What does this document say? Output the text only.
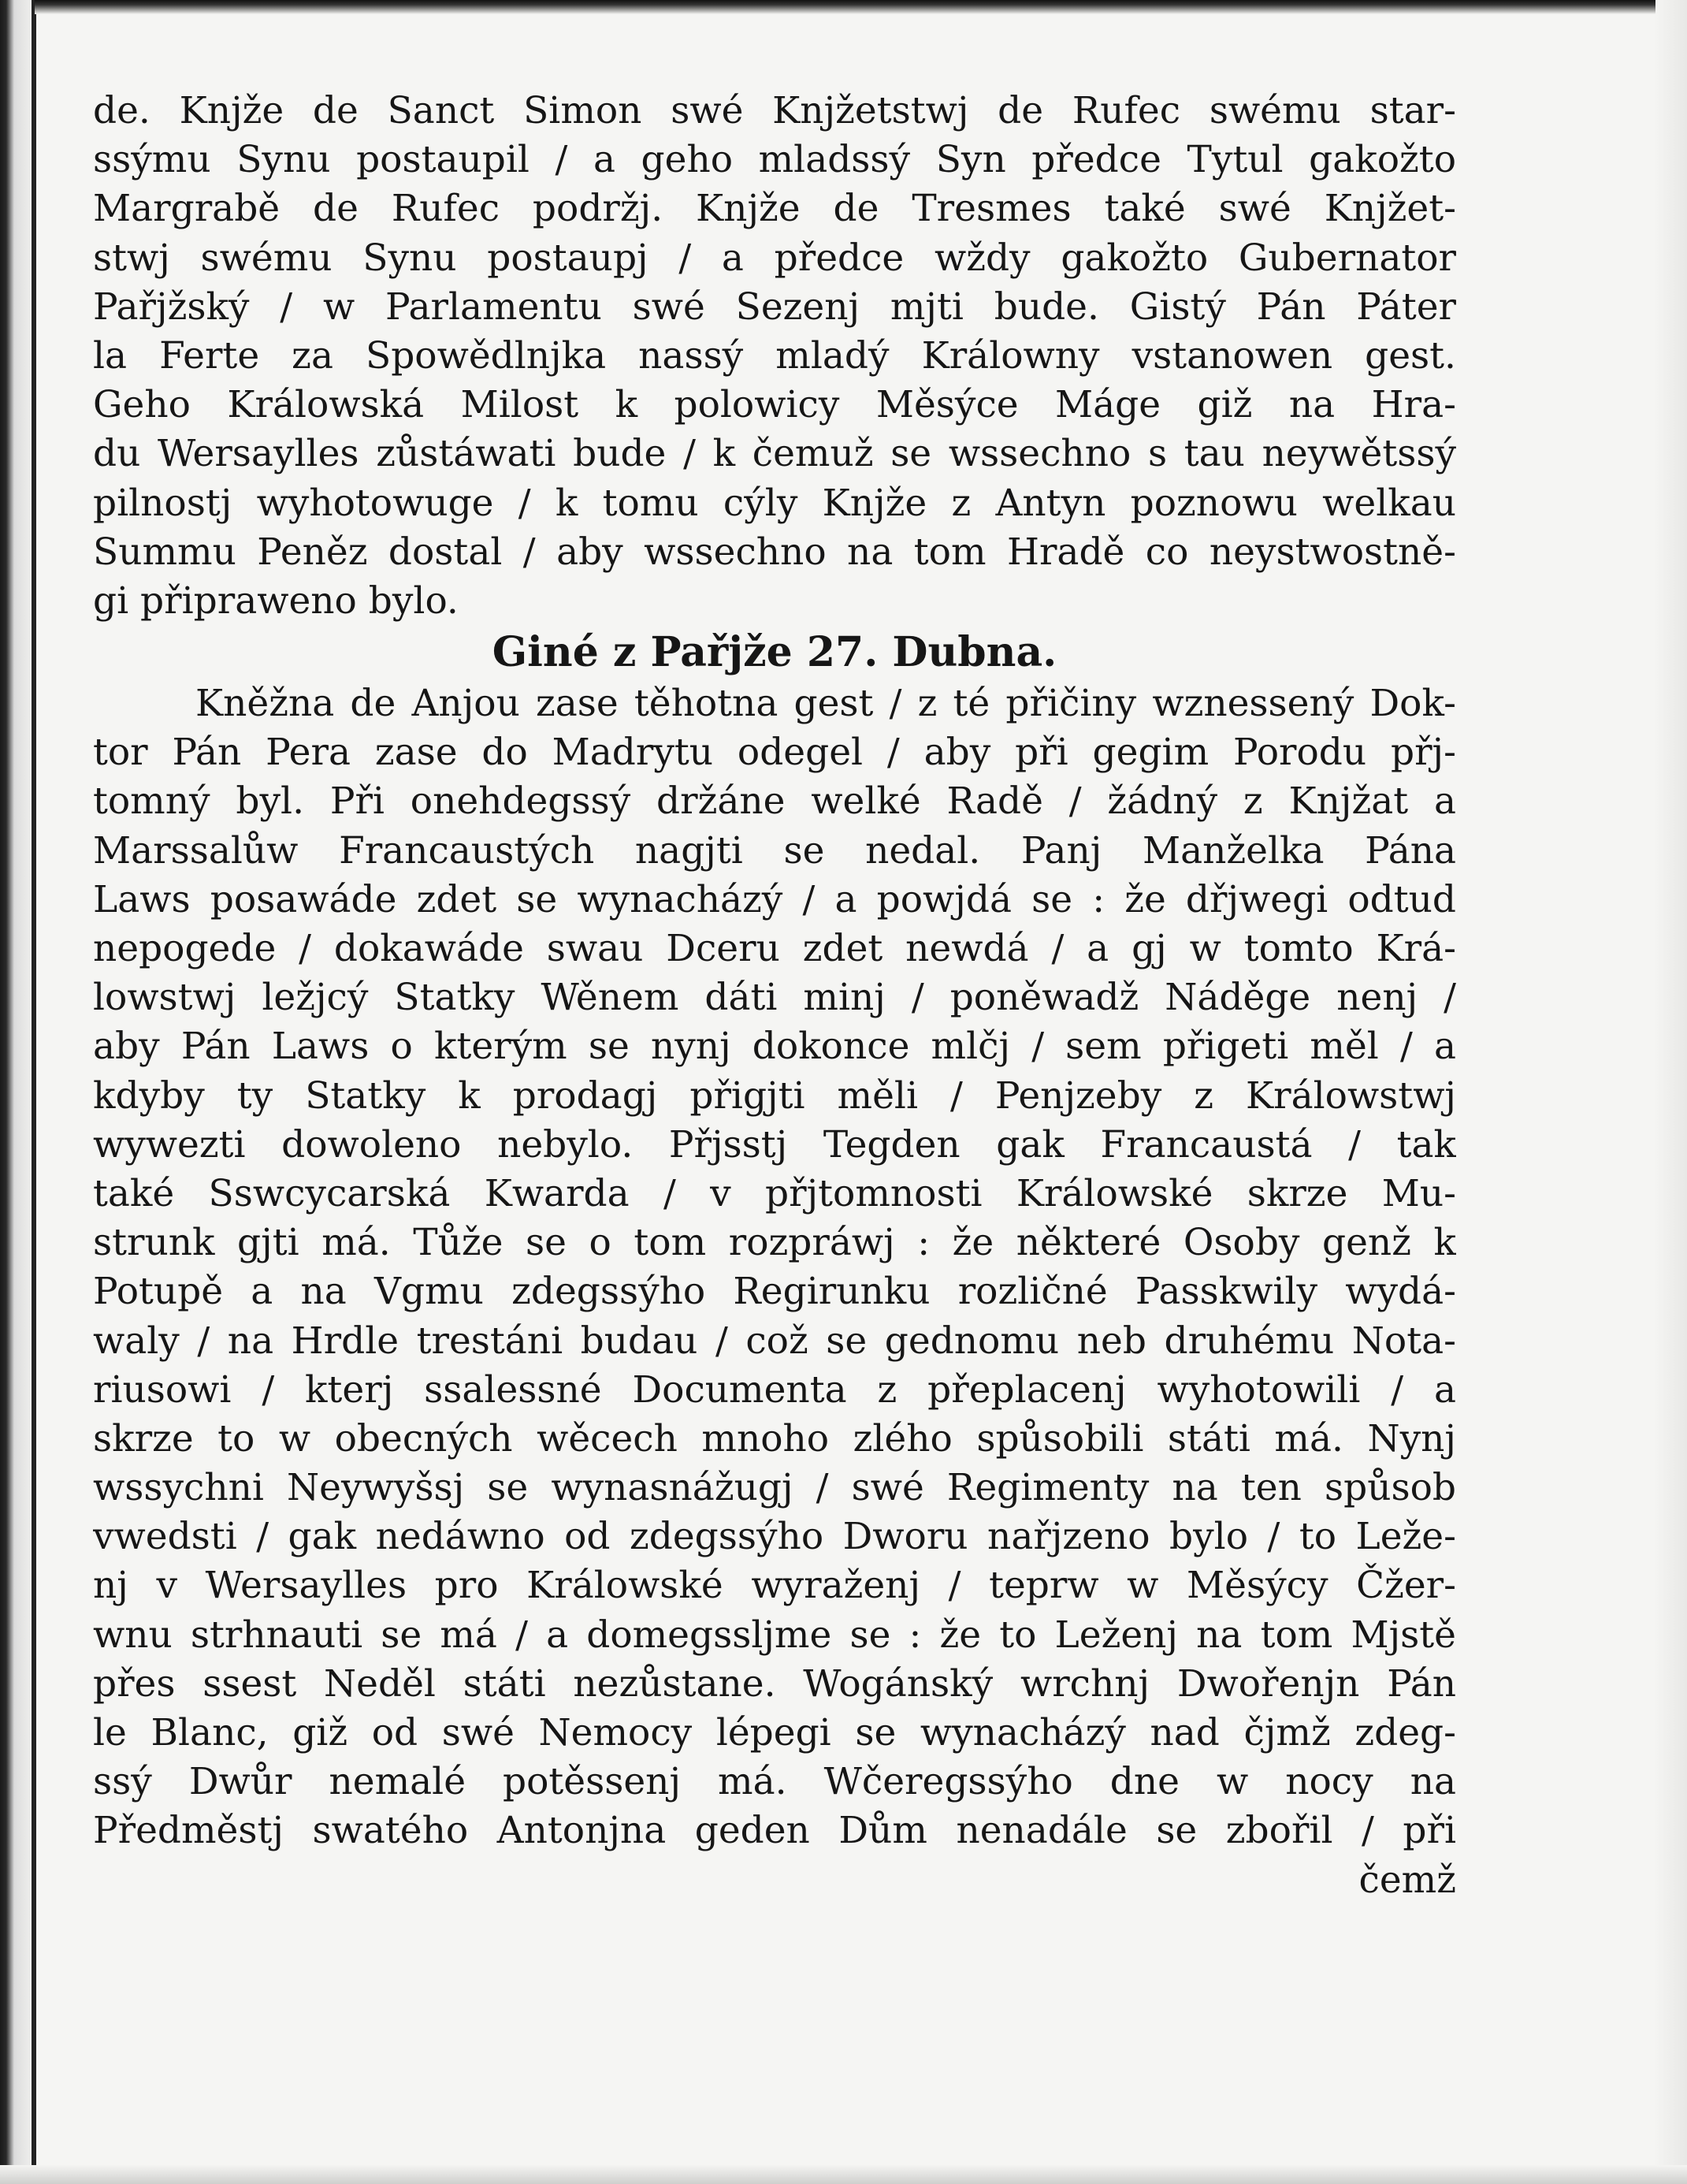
de. Knjže de Sanct Simon swé Knjžetstwj de Rufec swému star-
ssýmu Synu postaupil / a geho mladssý Syn předce Tytul gakožto
Margrabě de Rufec podržj. Knjže de Tresmes také swé Knjžet-
stwj swému Synu postaupj / a předce wždy gakožto Gubernator
Pařjžský / w Parlamentu swé Sezenj mjti bude. Gistý Pán Páter
la Ferte za Spowědlnjka nassý mladý Králowny vstanowen gest.
Geho Králowská Milost k polowicy Měsýce Máge giž na Hra-
du Wersaylles zůstáwati bude / k čemuž se wssechno s tau neywětssý
pilnostj wyhotowuge / k tomu cýly Knjže z Antyn poznowu welkau
Summu Peněz dostal / aby wssechno na tom Hradě co neystwostně-
gi připraweno bylo.
Giné z Pařjže 27. Dubna.
Kněžna de Anjou zase těhotna gest / z té přičiny wznessený Dok-
tor Pán Pera zase do Madrytu odegel / aby při gegim Porodu přj-
tomný byl. Při onehdegssý držáne welké Radě / žádný z Knjžat a
Marssalůw Francaustých nagjti se nedal. Panj Manželka Pána
Laws posawáde zdet se wynacházý / a powjdá se : že dřjwegi odtud
nepogede / dokawáde swau Dceru zdet newdá / a gj w tomto Krá-
lowstwj ležjcý Statky Wěnem dáti minj / poněwadž Náděge nenj /
aby Pán Laws o kterým se nynj dokonce mlčj / sem přigeti měl / a
kdyby ty Statky k prodagj přigjti měli / Penjzeby z Králowstwj
wywezti dowoleno nebylo. Přjsstj Tegden gak Francaustá / tak
také Sswcycarská Kwarda / v přjtomnosti Králowské skrze Mu-
strunk gjti má. Tůže se o tom rozpráwj : že některé Osoby genž k
Potupě a na Vgmu zdegssýho Regirunku rozličné Passkwily wydá-
waly / na Hrdle trestáni budau / což se gednomu neb druhému Nota-
riusowi / kterj ssalessné Documenta z přeplacenj wyhotowili / a
skrze to w obecných wěcech mnoho zlého spůsobili státi má. Nynj
wssychni Neywyšsj se wynasnážugj / swé Regimenty na ten spůsob
vwedsti / gak nedáwno od zdegssýho Dworu nařjzeno bylo / to Leže-
nj v Wersaylles pro Králowské wyraženj / teprw w Měsýcy Čžer-
wnu strhnauti se má / a domegssljme se : že to Leženj na tom Mjstě
přes ssest Neděl státi nezůstane. Wogánský wrchnj Dwořenjn Pán
le Blanc, giž od swé Nemocy lépegi se wynacházý nad čjmž zdeg-
ssý Dwůr nemalé potěssenj má. Wčeregssýho dne w nocy na
Předměstj swatého Antonjna geden Dům nenadále se zbořil / při
čemž
